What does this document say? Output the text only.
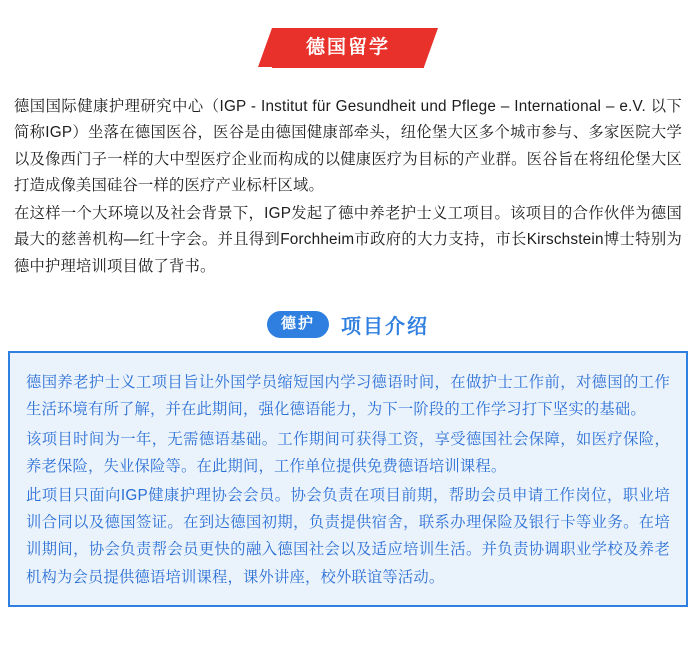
德国留学

德国国际健康护理研究中心（IGP - Institut für Gesundheit und Pflege – International – e.V. 以下简称IGP）坐落在德国医谷，医谷是由德国健康部牵头，纽伦堡大区多个城市参与、多家医院大学以及像西门子一样的大中型医疗企业而构成的以健康医疗为目标的产业群。医谷旨在将纽伦堡大区打造成像美国硅谷一样的医疗产业标杆区域。

在这样一个大环境以及社会背景下，IGP发起了德中养老护士义工项目。该项目的合作伙伴为德国最大的慈善机构—红十字会。并且得到Forchheim市政府的大力支持，市长Kirschstein博士特别为德中护理培训项目做了背书。

德护	项目介绍

德国养老护士义工项目旨让外国学员缩短国内学习德语时间，在做护士工作前，对德国的工作生活环境有所了解，并在此期间，强化德语能力，为下一阶段的工作学习打下坚实的基础。

该项目时间为一年，无需德语基础。工作期间可获得工资，享受德国社会保障，如医疗保险，养老保险，失业保险等。在此期间，工作单位提供免费德语培训课程。

此项目只面向IGP健康护理协会会员。协会负责在项目前期，帮助会员申请工作岗位，职业培训合同以及德国签证。在到达德国初期，负责提供宿舍，联系办理保险及银行卡等业务。在培训期间，协会负责帮会员更快的融入德国社会以及适应培训生活。并负责协调职业学校及养老机构为会员提供德语培训课程，课外讲座，校外联谊等活动。
